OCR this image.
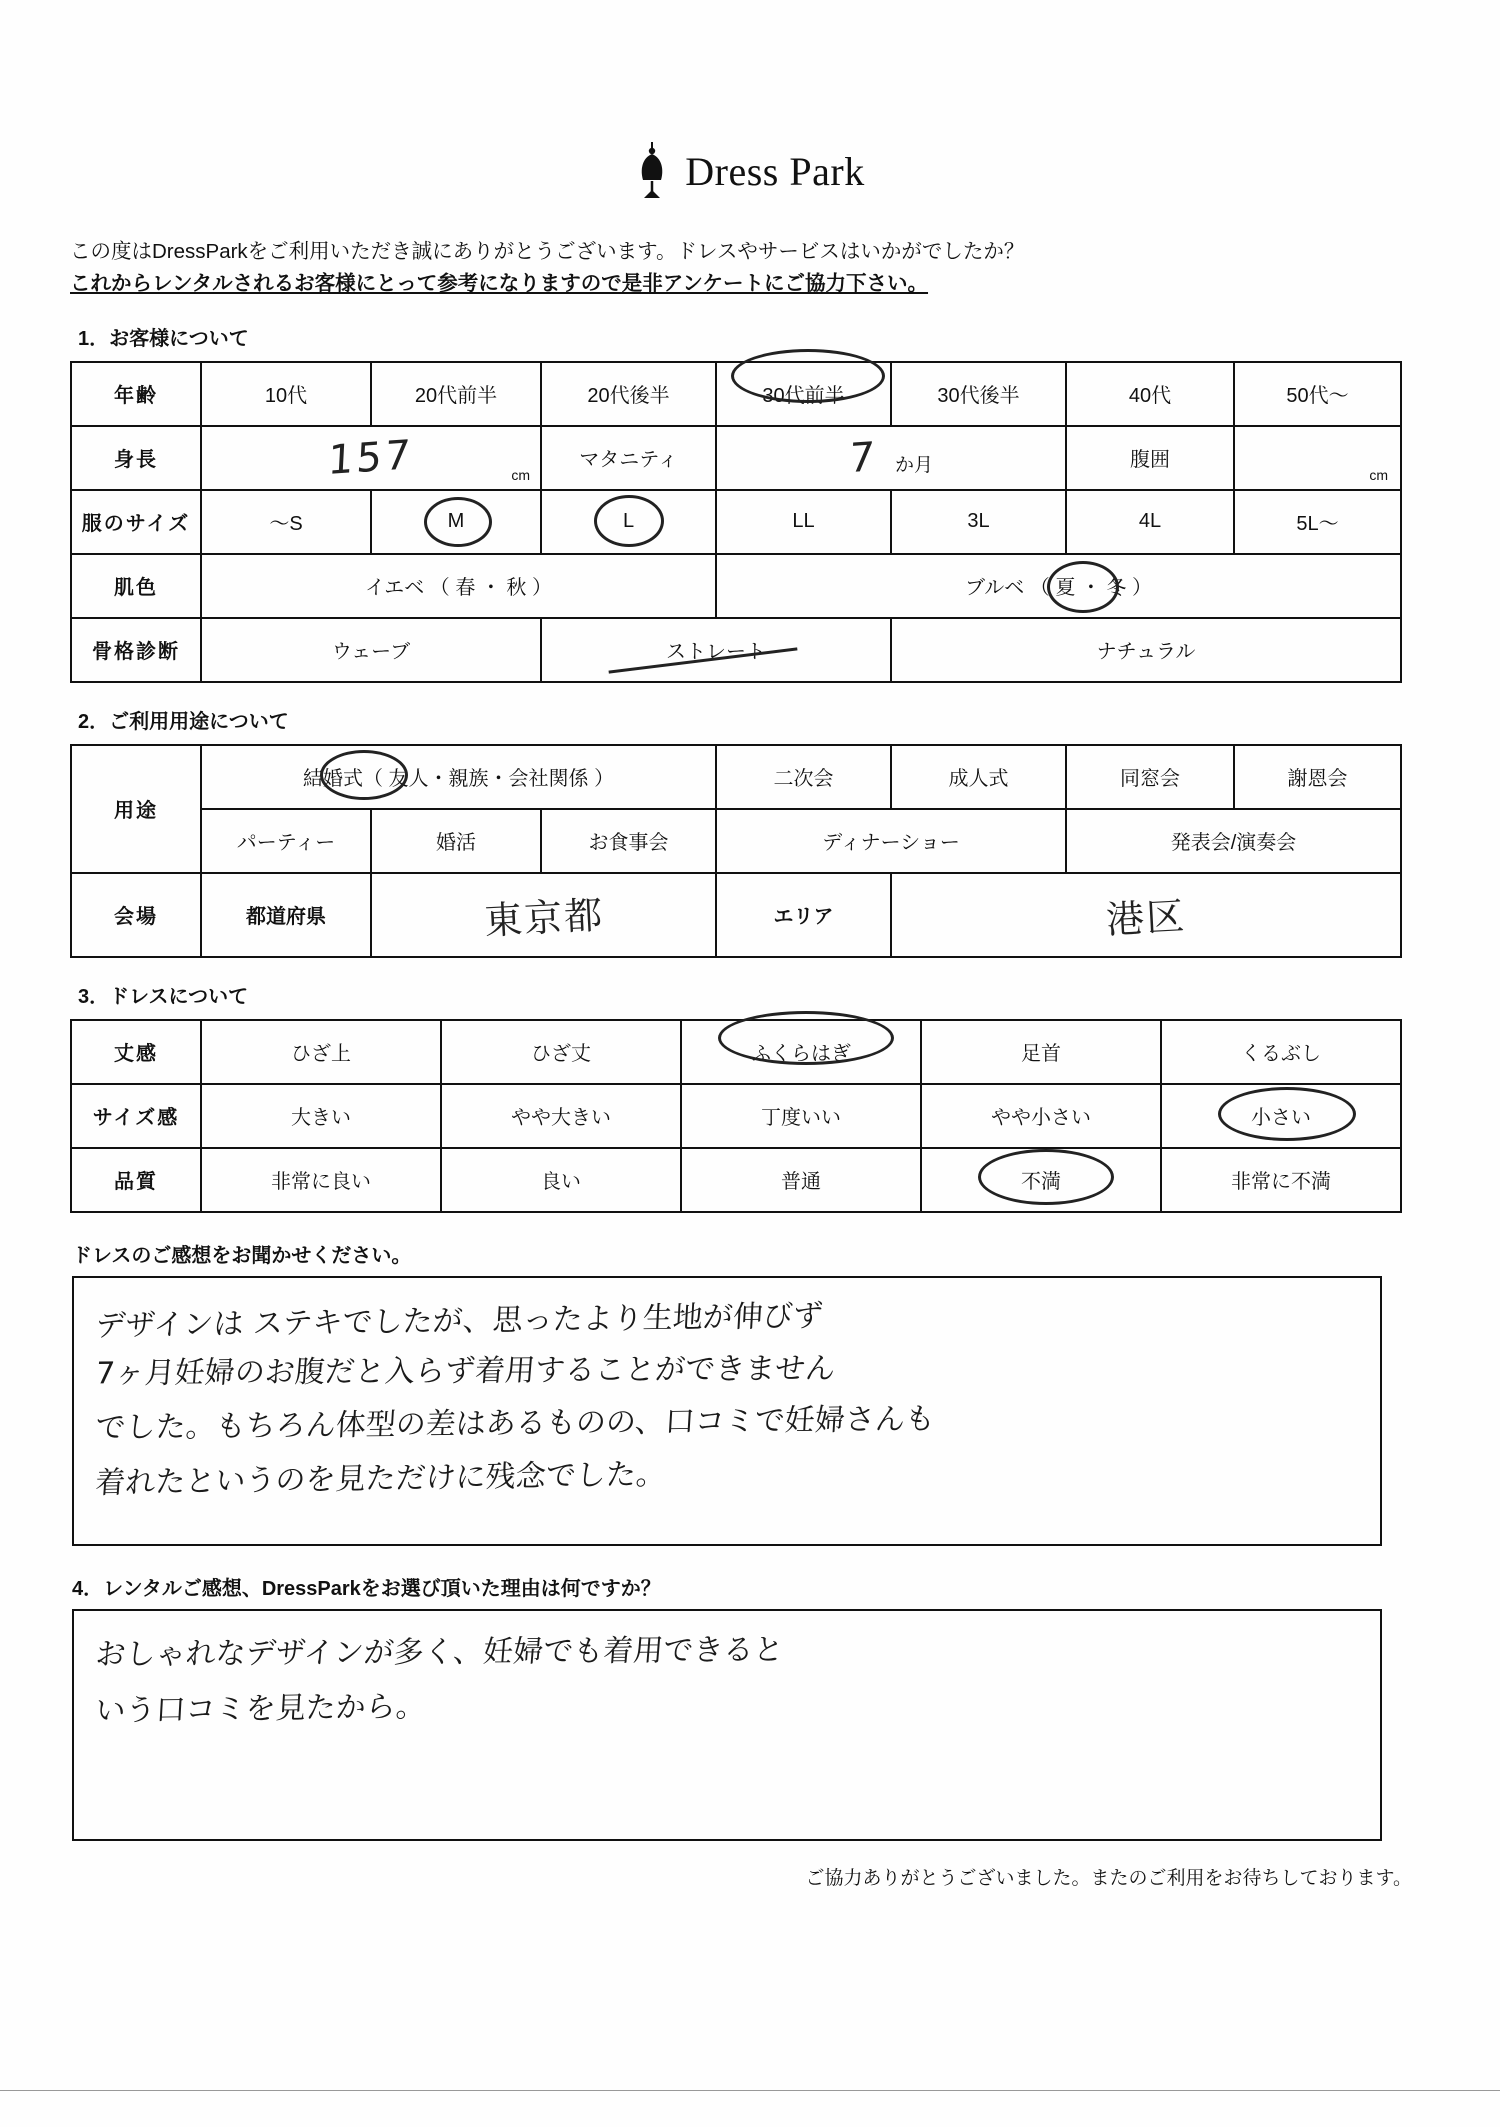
Dress Park
この度はDressParkをご利用いただき誠にありがとうございます。ドレスやサービスはいかがでしたか？
これからレンタルされるお客様にとって参考になりますので是非アンケートにご協力下さい。
1．お客様について
年齢	10代	20代前半	20代後半	30代前半	30代後半	40代	50代～
身長	157 cm		マタニティ	7 か月		腹囲	cm

服のサイズ	～S	M	L	LL	3L	4L	5L～
肌色	イエベ （ 春 ・ 秋 ）			ブルベ （ 夏 ・ 冬 ）			

骨格診断	ウェーブ		ストレート		ナチュラル		
2．ご利用用途について
用途	結婚式（ 友人・親族・会社関係 ）			二次会	成人式	同窓会	謝恩会
	パーティー	婚活	お食事会	ディナーショー		発表会/演奏会	
会場	都道府県	東京都		エリア	港区		
3．ドレスについて
丈感	ひざ上	ひざ丈	ふくらはぎ	足首	くるぶし
サイズ感	大きい	やや大きい	丁度いい	やや小さい	小さい

品質	非常に良い	良い	普通	不満	非常に不満
ドレスのご感想をお聞かせください。
デザインは ステキでしたが、思ったより生地が伸びず
7ヶ月妊婦のお腹だと入らず着用することができません
でした。もちろん体型の差はあるものの、口コミで妊婦さんも
着れたというのを見ただけに残念でした。
4．レンタルご感想、DressParkをお選び頂いた理由は何ですか？
おしゃれなデザインが多く、妊婦でも着用できると
いう口コミを見たから。
ご協力ありがとうございました。またのご利用をお待ちしております。
